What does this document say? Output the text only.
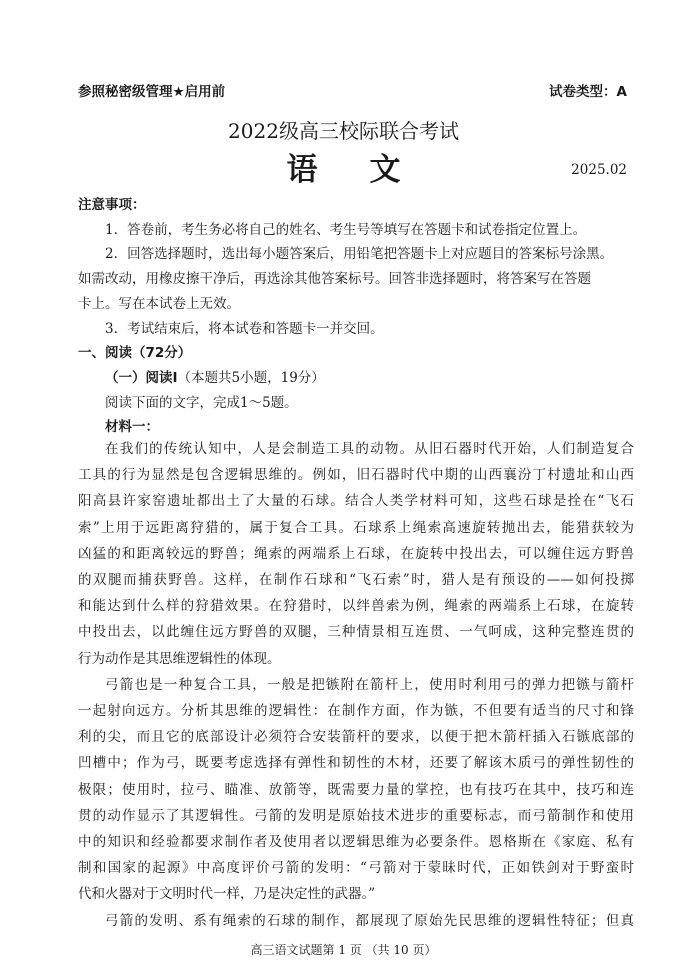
参照秘密级管理★启用前	试卷类型：A
2022级高三校际联合考试
语文	2025.02

注意事项：

1．答卷前，考生务必将自己的姓名、考生号等填写在答题卡和试卷指定位置上。

2．回答选择题时，选出每小题答案后，用铅笔把答题卡上对应题目的答案标号涂黑。

如需改动，用橡皮擦干净后，再选涂其他答案标号。回答非选择题时，将答案写在答题

卡上。写在本试卷上无效。

3．考试结束后，将本试卷和答题卡一并交回。

一、阅读（72分）

（一）阅读Ⅰ（本题共5小题，19分）

阅读下面的文字，完成1～5题。

材料一：

在我们的传统认知中，人是会制造工具的动物。从旧石器时代开始，人们制造复合

工具的行为显然是包含逻辑思维的。例如，旧石器时代中期的山西襄汾丁村遗址和山西

阳高县许家窑遗址都出土了大量的石球。结合人类学材料可知，这些石球是拴在“飞石

索”上用于远距离狩猎的，属于复合工具。石球系上绳索高速旋转抛出去，能猎获较为

凶猛的和距离较远的野兽；绳索的两端系上石球，在旋转中投出去，可以缠住远方野兽

的双腿而捕获野兽。这样，在制作石球和“飞石索”时，猎人是有预设的——如何投掷

和能达到什么样的狩猎效果。在狩猎时，以绊兽索为例，绳索的两端系上石球，在旋转

中投出去，以此缠住远方野兽的双腿，三种情景相互连贯、一气呵成，这种完整连贯的

行为动作是其思维逻辑性的体现。

弓箭也是一种复合工具，一般是把镞附在箭杆上，使用时利用弓的弹力把镞与箭杆

一起射向远方。分析其思维的逻辑性：在制作方面，作为镞，不但要有适当的尺寸和锋

利的尖，而且它的底部设计必须符合安装箭杆的要求，以便于把木箭杆插入石镞底部的

凹槽中；作为弓，既要考虑选择有弹性和韧性的木材，还要了解该木质弓的弹性韧性的

极限；使用时，拉弓、瞄准、放箭等，既需要力量的掌控，也有技巧在其中，技巧和连

贯的动作显示了其逻辑性。弓箭的发明是原始技术进步的重要标志，而弓箭制作和使用

中的知识和经验都要求制作者及使用者以逻辑思维为必要条件。恩格斯在《家庭、私有

制和国家的起源》中高度评价弓箭的发明：“弓箭对于蒙昧时代，正如铁剑对于野蛮时

代和火器对于文明时代一样，乃是决定性的武器。”

弓箭的发明、系有绳索的石球的制作，都展现了原始先民思维的逻辑性特征；但真

高三语文试题第 1 页 （共 10 页）
